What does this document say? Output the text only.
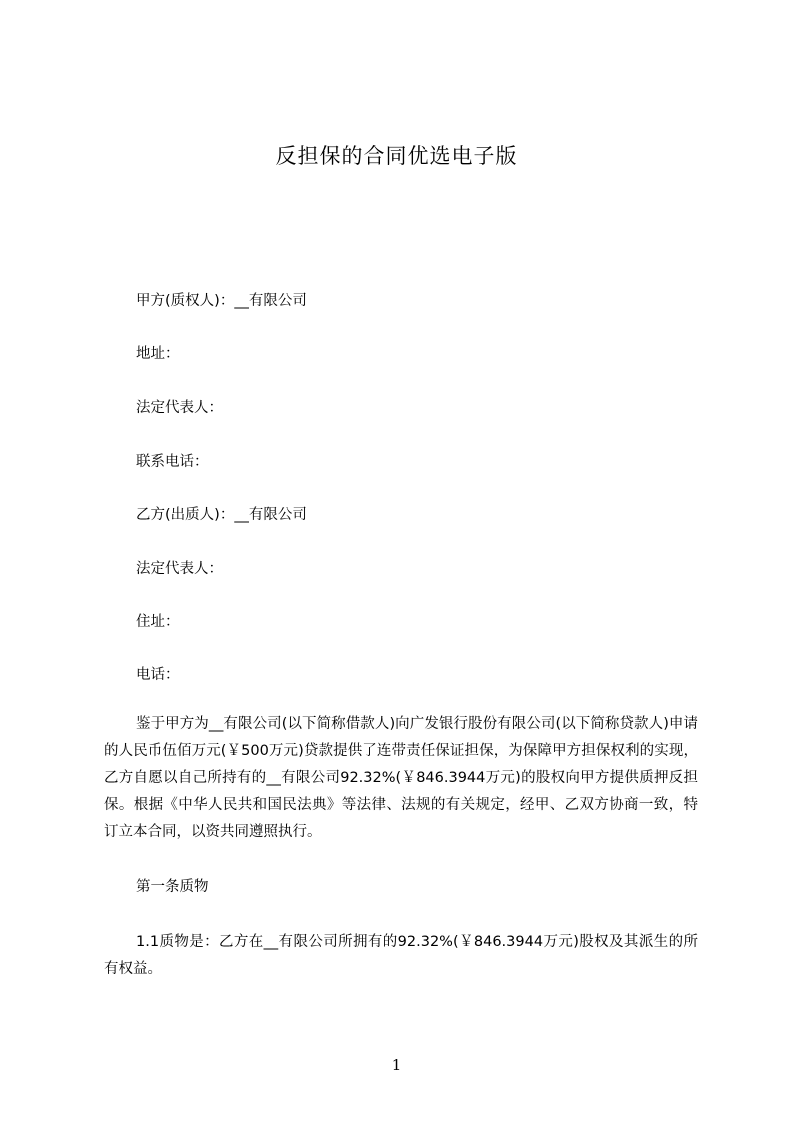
反担保的合同优选电子版
甲方(质权人)：__有限公司
地址：
法定代表人：
联系电话：
乙方(出质人)：__有限公司
法定代表人：
住址：
电话：
鉴于甲方为__有限公司(以下简称借款人)向广发银行股份有限公司(以下简称贷款人)申请的人民币伍佰万元(￥500万元)贷款提供了连带责任保证担保，为保障甲方担保权利的实现，乙方自愿以自己所持有的__有限公司92.32%(￥846.3944万元)的股权向甲方提供质押反担保。根据《中华人民共和国民法典》等法律、法规的有关规定，经甲、乙双方协商一致，特订立本合同，以资共同遵照执行。
第一条质物
1.1质物是：乙方在__有限公司所拥有的92.32%(￥846.3944万元)股权及其派生的所有权益。
1
